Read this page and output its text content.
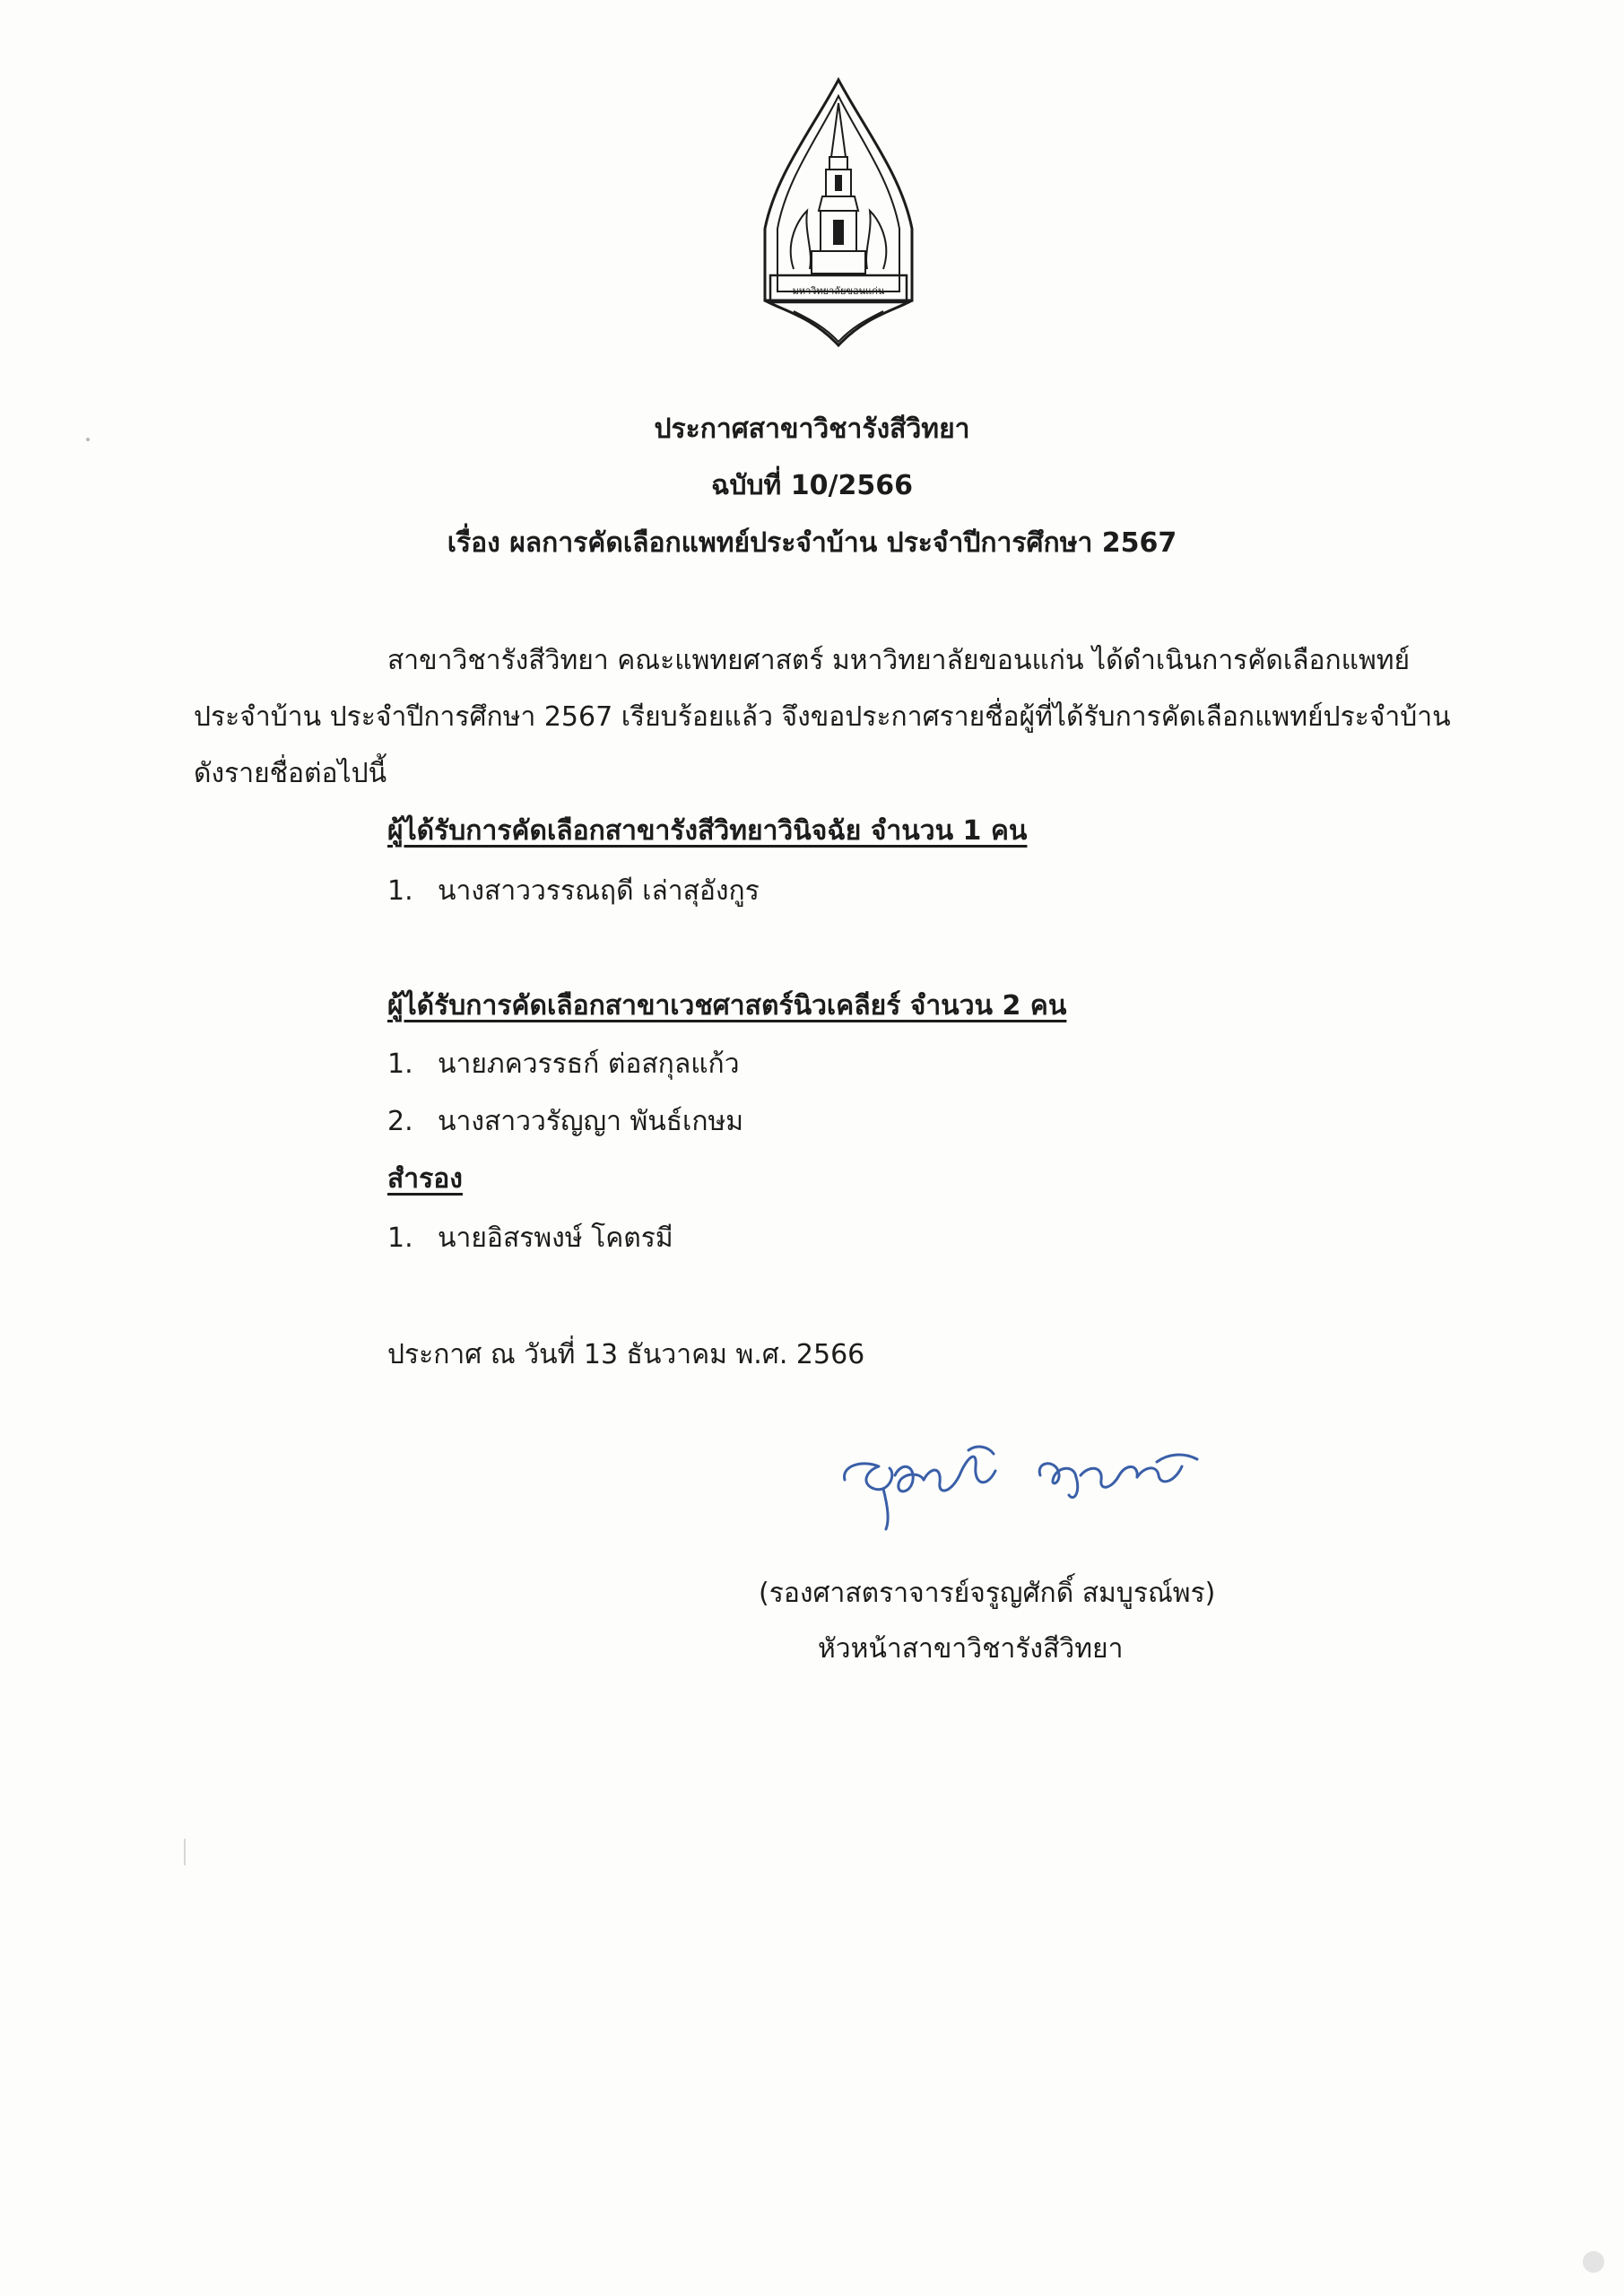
มหาวิทยาลัยขอนแก่น
ประกาศสาขาวิชารังสีวิทยา
ฉบับที่ 10/2566
เรื่อง ผลการคัดเลือกแพทย์ประจำบ้าน ประจำปีการศึกษา 2567
สาขาวิชารังสีวิทยา คณะแพทยศาสตร์ มหาวิทยาลัยขอนแก่น ได้ดำเนินการคัดเลือกแพทย์
ประจำบ้าน ประจำปีการศึกษา 2567 เรียบร้อยแล้ว จึงขอประกาศรายชื่อผู้ที่ได้รับการคัดเลือกแพทย์ประจำบ้าน
ดังรายชื่อต่อไปนี้
ผู้ได้รับการคัดเลือกสาขารังสีวิทยาวินิจฉัย จำนวน 1 คน
1. นางสาววรรณฤดี เล่าสุอังกูร
ผู้ได้รับการคัดเลือกสาขาเวชศาสตร์นิวเคลียร์ จำนวน 2 คน
1. นายภควรรธก์ ต่อสกุลแก้ว
2. นางสาววรัญญา พันธ์เกษม
สำรอง
1. นายอิสรพงษ์ โคตรมี
ประกาศ ณ วันที่ 13 ธันวาคม พ.ศ. 2566
(รองศาสตราจารย์จรูญศักดิ์ สมบูรณ์พร)
หัวหน้าสาขาวิชารังสีวิทยา
